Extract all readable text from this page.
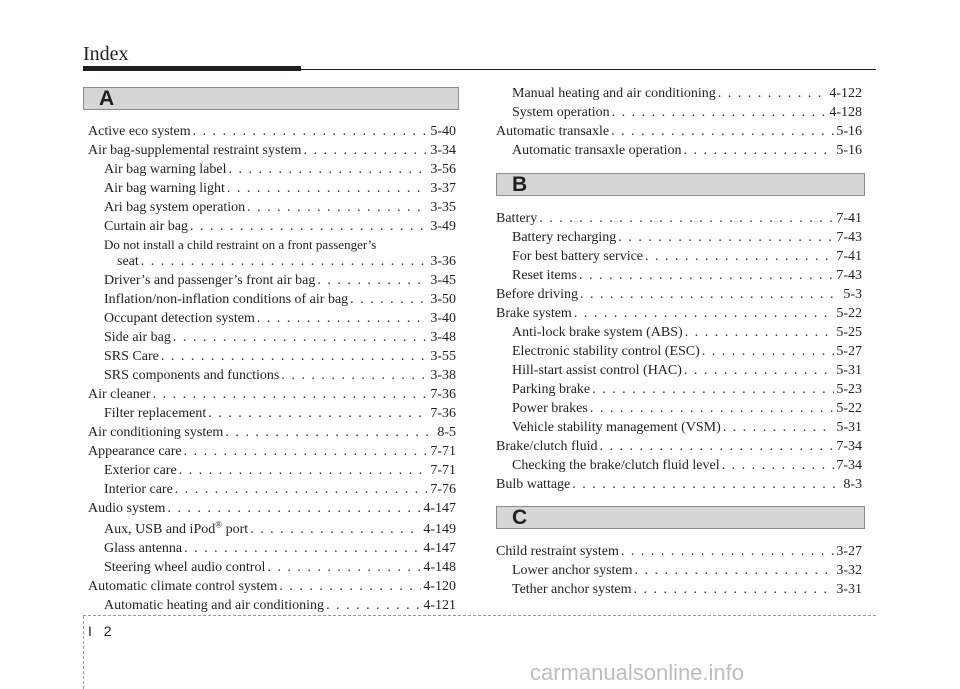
Index
A
B
C
I 2
carmanualsonline.info
Active eco system . . .	5-40
Air bag-supplemental restraint system . . .	3-34
Air bag warning label . . .	3-56
Air bag warning light . . .	3-37
Ari bag system operation . . .	3-35
Curtain air bag . . .	3-49
Do not install a child restraint on a front passenger’s
seat . . .	3-36
Driver’s and passenger’s front air bag . . .	3-45
Inflation/non-inflation conditions of air bag . . .	3-50
Occupant detection system . . .	3-40
Side air bag . . .	3-48
SRS Care . . .	3-55
SRS components and functions . . .	3-38
Air cleaner . . .	7-36
Filter replacement . . .	7-36
Air conditioning system . . .	8-5
Appearance care . . .	7-71
Exterior care . . .	7-71
Interior care . . .	7-76
Audio system . . .	4-147
Aux, USB and iPod® port . . .	4-149
Glass antenna . . .	4-147
Steering wheel audio control . . .	4-148
Automatic climate control system . . .	4-120
Automatic heating and air conditioning . . .	4-121
Manual heating and air conditioning . . .	4-122
System operation . . .	4-128
Automatic transaxle . . .	5-16
Automatic transaxle operation . . .	5-16
Battery . . .	7-41
Battery recharging . . .	7-43
For best battery service . . .	7-41
Reset items . . .	7-43
Before driving . . .	5-3
Brake system . . .	5-22
Anti-lock brake system (ABS) . . .	5-25
Electronic stability control (ESC) . . .	5-27
Hill-start assist control (HAC) . . .	5-31
Parking brake . . .	5-23
Power brakes . . .	5-22
Vehicle stability management (VSM) . . .	5-31
Brake/clutch fluid . . .	7-34
Checking the brake/clutch fluid level . . .	7-34
Bulb wattage . . .	8-3
Child restraint system . . .	3-27
Lower anchor system . . .	3-32
Tether anchor system . . .	3-31
